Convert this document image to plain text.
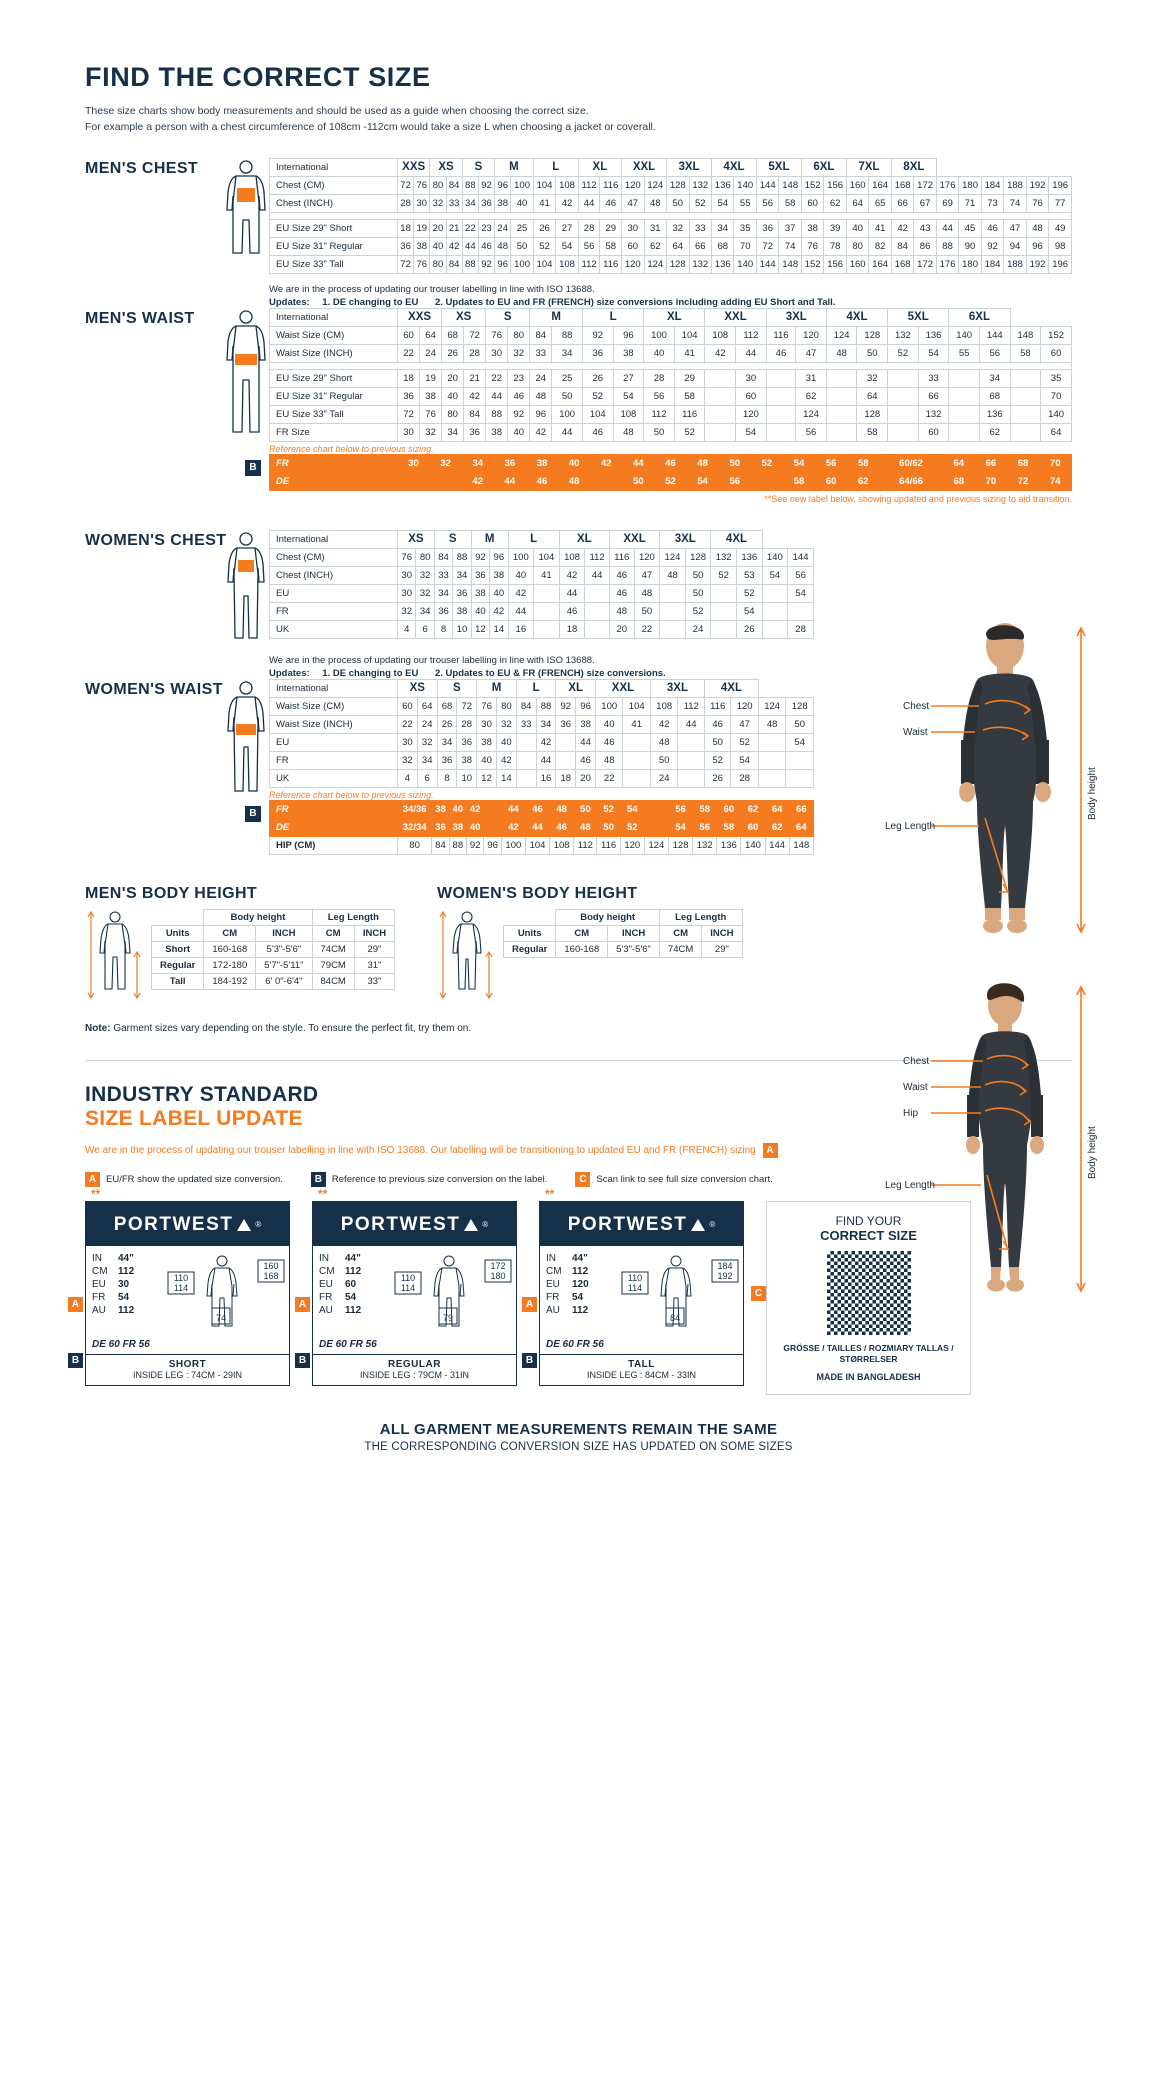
FIND THE CORRECT SIZE
These size charts show body measurements and should be used as a guide when choosing the correct size.
For example a person with a chest circumference of 108cm -112cm would take a size L when choosing a jacket or coverall.
MEN'S CHEST	International	XXS		XS		S		M		L		XL		XXL		3XL		4XL		5XL		6XL		7XL		8XL							
Chest (CM)	72	76	80	84	88	92	96	100	104	108	112	116	120	124	128	132	136	140	144	148	152	156	160	164	168	172	176	180	184	188	192	196
Chest (INCH)	28	30	32	33	34	36	38	40	41	42	44	46	47	48	50	52	54	55	56	58	60	62	64	65	66	67	69	71	73	74	76	77

EU Size 29" Short	18	19	20	21	22	23	24	25	26	27	28	29	30	31	32	33	34	35	36	37	38	39	40	41	42	43	44	45	46	47	48	49
EU Size 31" Regular	36	38	40	42	44	46	48	50	52	54	56	58	60	62	64	66	68	70	72	74	76	78	80	82	84	86	88	90	92	94	96	98
EU Size 33" Tall	72	76	80	84	88	92	96	100	104	108	112	116	120	124	128	132	136	140	144	148	152	156	160	164	168	172	176	180	184	188	192	196
We are in the process of updating our trouser labelling in line with ISO 13688.
Updates: 1. DE changing to EU 2. Updates to EU and FR (FRENCH) size conversions including adding EU Short and Tall.
MEN'S WAIST	International	XXS		XS		S		M		L		XL		XXL		3XL		4XL		5XL		6XL			
Waist Size (CM)	60	64	68	72	76	80	84	88	92	96	100	104	108	112	116	120	124	128	132	136	140	144	148	152
Waist Size (INCH)	22	24	26	28	30	32	33	34	36	38	40	41	42	44	46	47	48	50	52	54	55	56	58	60

EU Size 29" Short	18	19	20	21	22	23	24	25	26	27	28	29		30		31		32		33		34		35
EU Size 31" Regular	36	38	40	42	44	46	48	50	52	54	56	58		60		62		64		66		68		70
EU Size 33" Tall	72	76	80	84	88	92	96	100	104	108	112	116		120		124		128		132		136		140
FR Size	30	32	34	36	38	40	42	44	46	48	50	52		54		56		58		60		62		64
Reference chart below to previous sizing.
B	FR	30	32	34	36	38	40	42	44	46	48	50	52	54	56	58	60/62	64	66	68	70
DE			42	44	46	48		50	52	54	56		58	60	62	64/66	68	70	72	74
**See new label below, showing updated and previous sizing to aid transition.
WOMEN'S CHEST	International	XS		S		M		L		XL		XXL		3XL		4XL			
Chest (CM)	76	80	84	88	92	96	100	104	108	112	116	120	124	128	132	136	140	144
Chest (INCH)	30	32	33	34	36	38	40	41	42	44	46	47	48	50	52	53	54	56
EU	30	32	34	36	38	40	42		44		46	48		50		52		54
FR	32	34	36	38	40	42	44		46		48	50		52		54		
UK	4	6	8	10	12	14	16		18		20	22		24		26		28
We are in the process of updating our trouser labelling in line with ISO 13688.
Updates: 1. DE changing to EU 2. Updates to EU & FR (FRENCH) size conversions.
WOMEN'S WAIST	International	XS		S		M		L		XL		XXL		3XL		4XL			
Waist Size (CM)	60	64	68	72	76	80	84	88	92	96	100	104	108	112	116	120	124	128
Waist Size (INCH)	22	24	26	28	30	32	33	34	36	38	40	41	42	44	46	47	48	50
EU	30	32	34	36	38	40		42		44	46		48		50	52		54
FR	32	34	36	38	40	42		44		46	48		50		52	54		
UK	4	6	8	10	12	14		16	18	20	22		24		26	28		
Reference chart below to previous sizing.
B	FR	34/36	38	40	42		44	46	48	50	52	54		56	58	60	62	64	66
DE	32/34	36	38	40		42	44	46	48	50	52		54	56	58	60	62	64
HIP (CM)	80	84	88	92	96	100	104	108	112	116	120	124	128	132	136	140	144	148
MEN'S BODY HEIGHT
	Body height		Leg Length	
Units	CM	INCH	CM	INCH
Short	160-168	5'3"-5'6"	74CM	29"
Regular	172-180	5'7"-5'11"	79CM	31"
Tall	184-192	6' 0"-6'4"	84CM	33"
WOMEN'S BODY HEIGHT
	Body height		Leg Length	
Units	CM	INCH	CM	INCH
Regular	160-168	5'3"-5'6"	74CM	29"
Note: Garment sizes vary depending on the style. To ensure the perfect fit, try them on.
INDUSTRY STANDARD
SIZE LABEL UPDATE
We are in the process of updating our trouser labelling in line with ISO 13688. Our labelling will be transitioning to updated EU and FR (FRENCH) sizing A
A	EU/FR show the updated size conversion.	B	Reference to previous size conversion on the label.	C	Scan link to see full size conversion chart.
**
PORTWEST	®
IN	44"
CM	112
EU	30
FR	54
AU	112
110
114
160
168
74
DE 60 FR 56
SHORT
INSIDE LEG : 74CM - 29IN
A
B
**
PORTWEST	®
IN	44"
CM	112
EU	60
FR	54
AU	112
110
114
172
180
79
DE 60 FR 56
REGULAR
INSIDE LEG : 79CM - 31IN
A
B
**
PORTWEST	®
IN	44"
CM	112
EU	120
FR	54
AU	112
110
114
184
192
84
DE 60 FR 56
TALL
INSIDE LEG : 84CM - 33IN
A
B
C
FIND YOUR
CORRECT SIZE
GRÖSSE / TAILLES / ROZMIARY TALLAS / STØRRELSER
MADE IN BANGLADESH
ALL GARMENT MEASUREMENTS REMAIN THE SAME
THE CORRESPONDING CONVERSION SIZE HAS UPDATED ON SOME SIZES
Chest
Waist
Leg Length
Body height
Chest
Waist
Hip
Leg Length
Body height
